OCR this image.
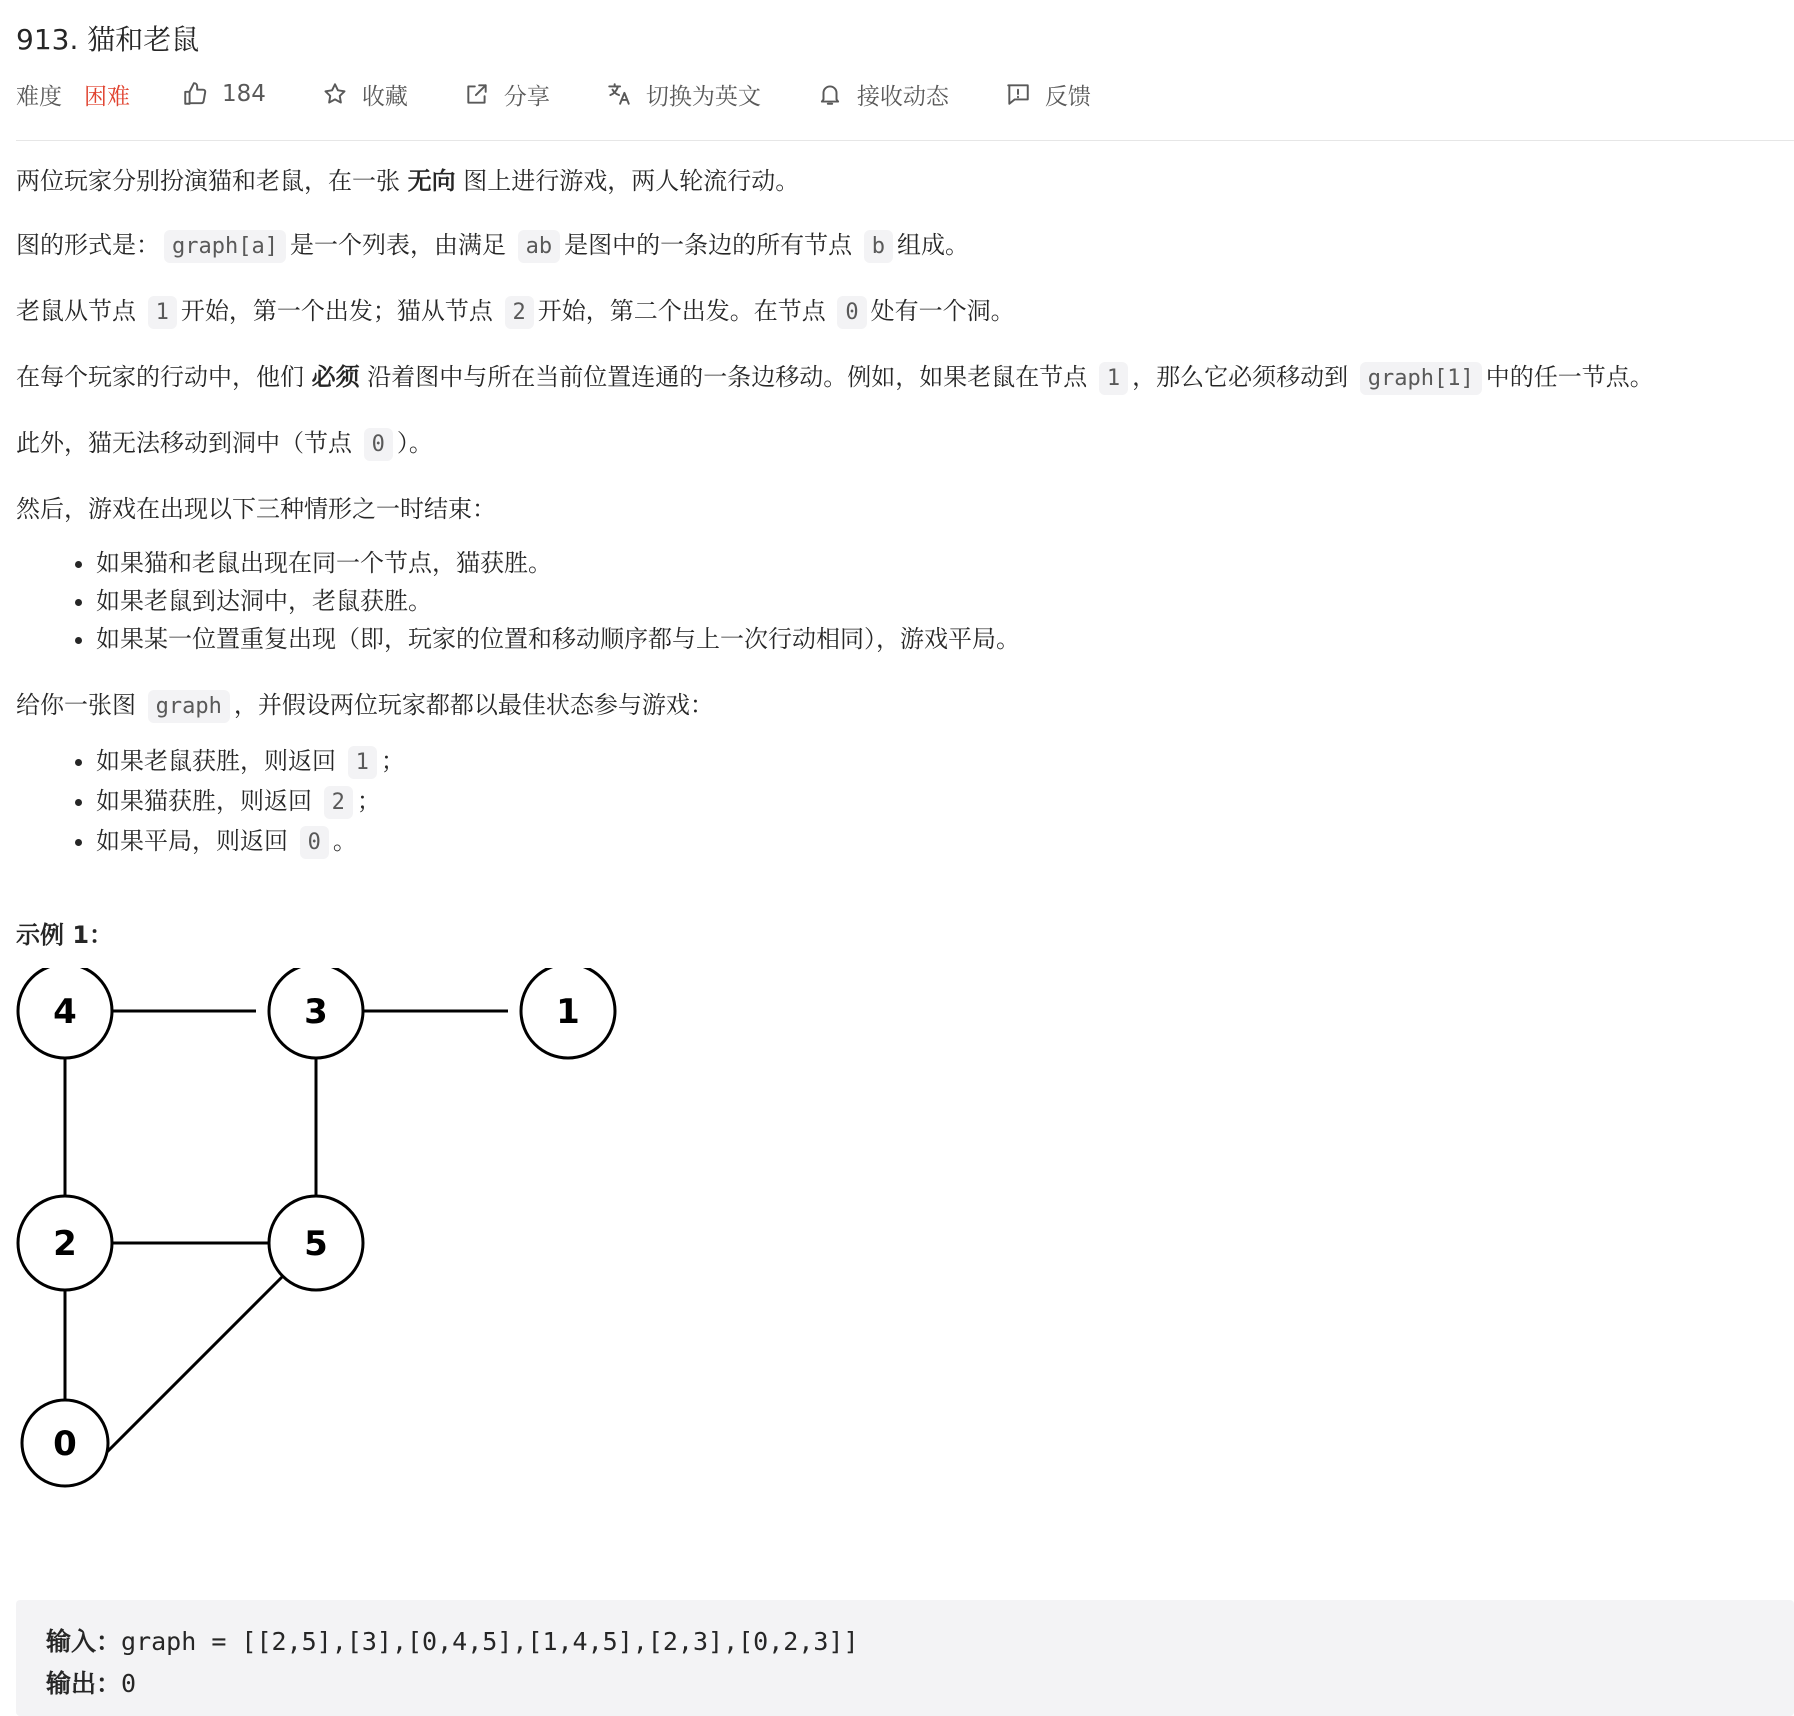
913. 猫和老鼠
难度 困难	184	收藏	分享	切换为英文	接收动态	反馈

两位玩家分别扮演猫和老鼠，在一张 无向 图上进行游戏，两人轮流行动。

图的形式是： graph[a] 是一个列表，由满足 ab 是图中的一条边的所有节点 b 组成。

老鼠从节点 1 开始，第一个出发；猫从节点 2 开始，第二个出发。在节点 0 处有一个洞。

在每个玩家的行动中，他们 必须 沿着图中与所在当前位置连通的一条边移动。例如，如果老鼠在节点 1 ，那么它必须移动到 graph[1] 中的任一节点。

此外，猫无法移动到洞中（节点 0 ）。

然后，游戏在出现以下三种情形之一时结束：

• 如果猫和老鼠出现在同一个节点，猫获胜。
• 如果老鼠到达洞中，老鼠获胜。
• 如果某一位置重复出现（即，玩家的位置和移动顺序都与上一次行动相同），游戏平局。

给你一张图 graph ，并假设两位玩家都都以最佳状态参与游戏：

• 如果老鼠获胜，则返回 1 ；
• 如果猫获胜，则返回 2 ；
• 如果平局，则返回 0 。
示例 1：
4	3	1
2	5
0
输入：graph = [[2,5],[3],[0,4,5],[1,4,5],[2,3],[0,2,3]]
输出：0
